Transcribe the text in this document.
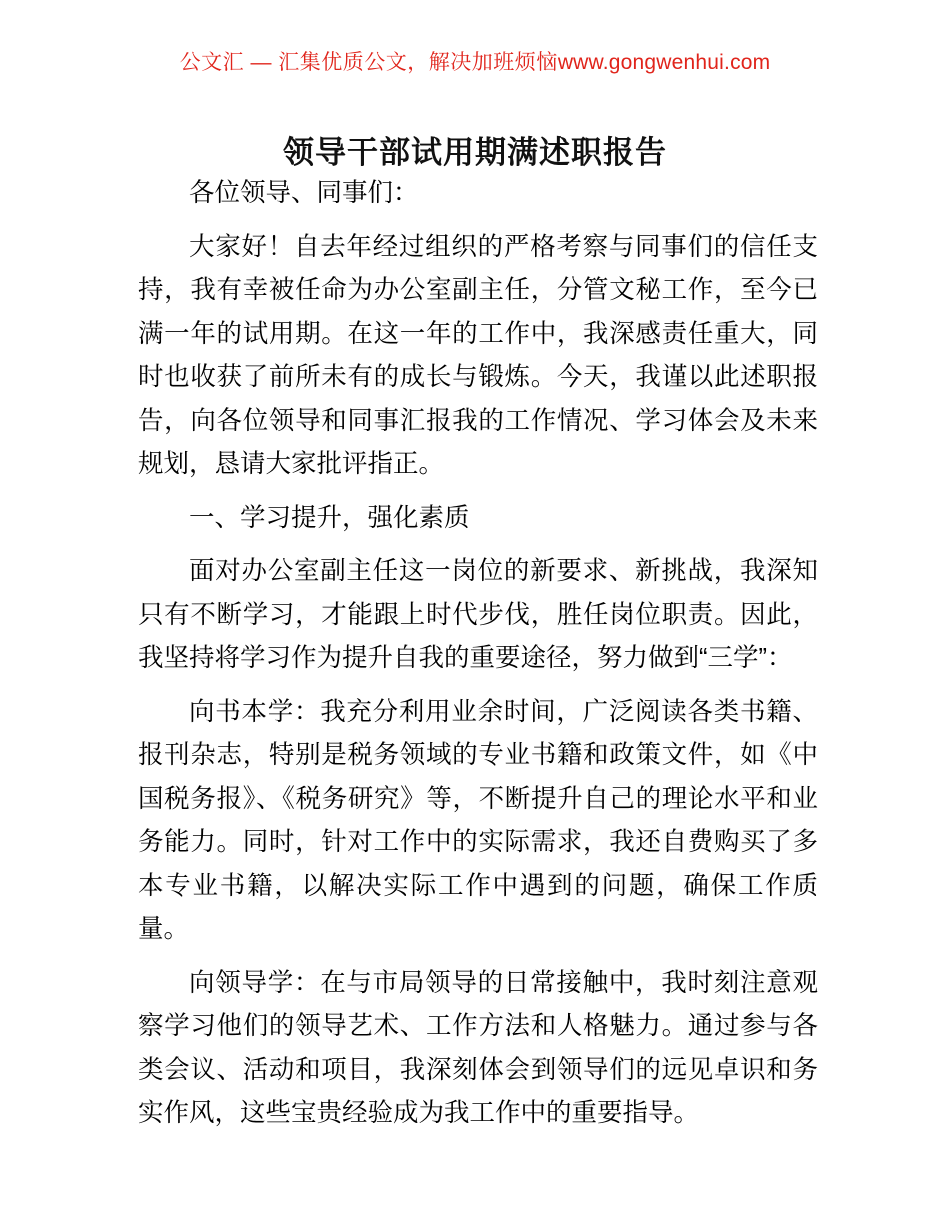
公文汇 — 汇集优质公文，解决加班烦恼www.gongwenhui.com
领导干部试用期满述职报告

各位领导、同事们：

大家好！自去年经过组织的严格考察与同事们的信任支持，我有幸被任命为办公室副主任，分管文秘工作，至今已满一年的试用期。在这一年的工作中，我深感责任重大，同时也收获了前所未有的成长与锻炼。今天，我谨以此述职报告，向各位领导和同事汇报我的工作情况、学习体会及未来规划，恳请大家批评指正。

一、学习提升，强化素质

面对办公室副主任这一岗位的新要求、新挑战，我深知只有不断学习，才能跟上时代步伐，胜任岗位职责。因此，我坚持将学习作为提升自我的重要途径，努力做到“三学”：

向书本学：我充分利用业余时间，广泛阅读各类书籍、报刊杂志，特别是税务领域的专业书籍和政策文件，如《中国税务报》、《税务研究》等，不断提升自己的理论水平和业务能力。同时，针对工作中的实际需求，我还自费购买了多本专业书籍，以解决实际工作中遇到的问题，确保工作质量。

向领导学：在与市局领导的日常接触中，我时刻注意观察学习他们的领导艺术、工作方法和人格魅力。通过参与各类会议、活动和项目，我深刻体会到领导们的远见卓识和务实作风，这些宝贵经验成为我工作中的重要指导。
